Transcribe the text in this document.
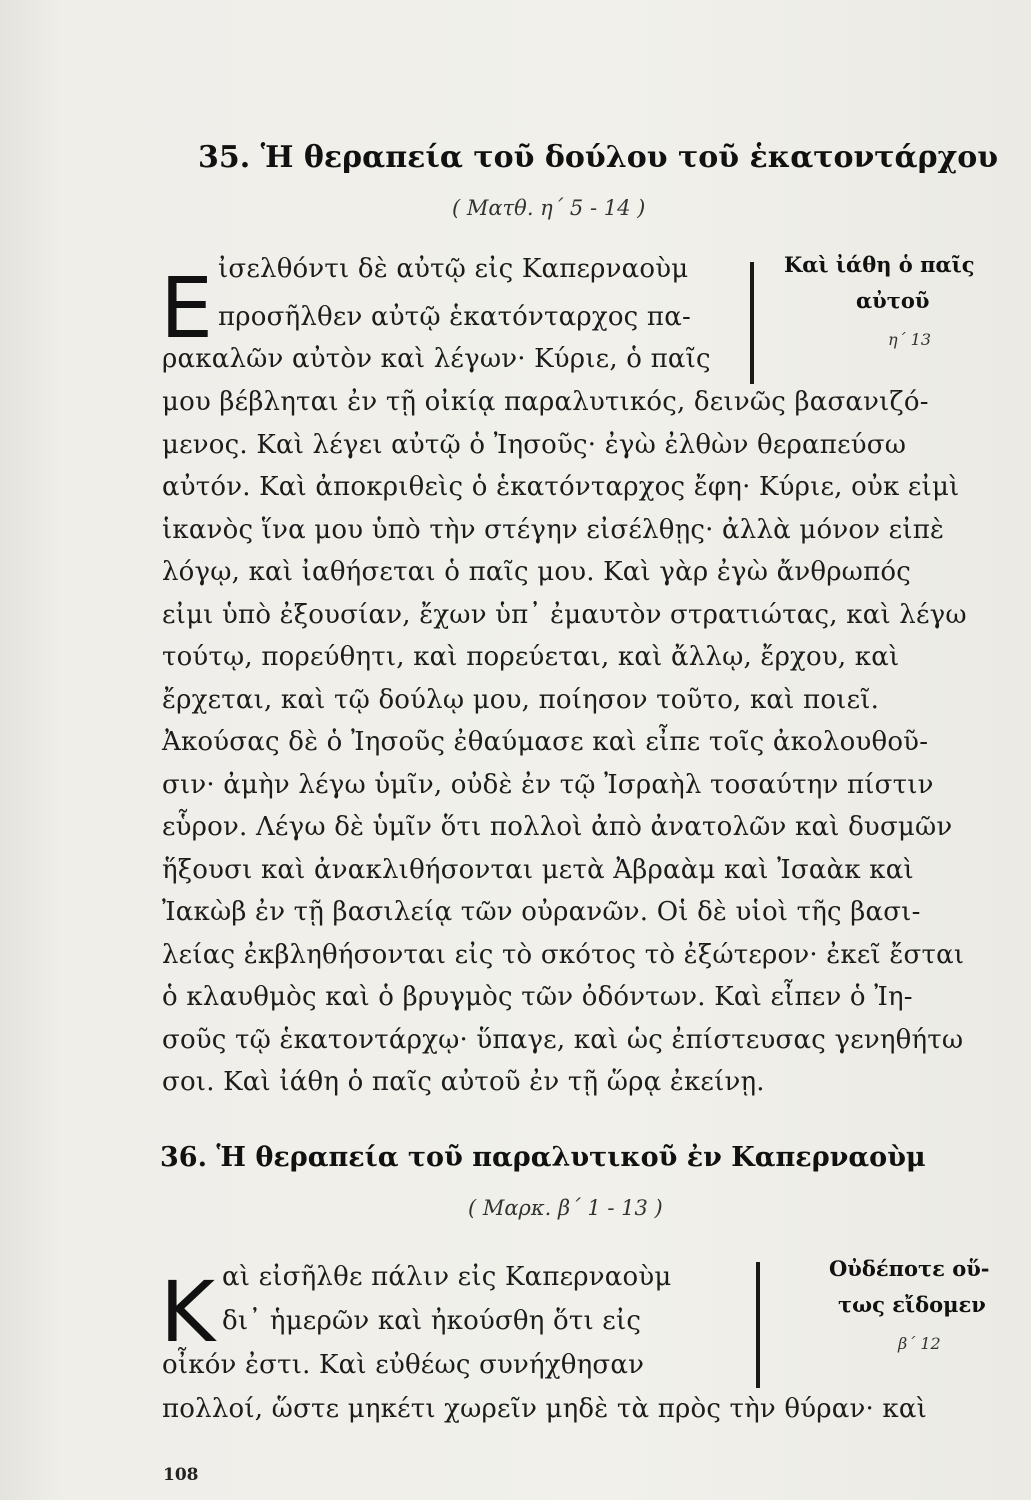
35. Ἡ θεραπεία τοῦ δούλου τοῦ ἑκατοντάρχου
( Ματθ. η΄ 5 - 14 )
Ε ἰσελθόντι δὲ αὐτῷ εἰς Καπερναοὺμ
προσῆλθεν αὐτῷ ἑκατόνταρχος πα-
ρακαλῶν αὐτὸν καὶ λέγων· Κύριε, ὁ παῖς
μου βέβληται ἐν τῇ οἰκίᾳ παραλυτικός, δεινῶς βασανιζό-
μενος. Καὶ λέγει αὐτῷ ὁ Ἰησοῦς· ἐγὼ ἐλθὼν θεραπεύσω
αὐτόν. Καὶ ἀποκριθεὶς ὁ ἑκατόνταρχος ἔφη· Κύριε, οὐκ εἰμὶ
ἱκανὸς ἵνα μου ὑπὸ τὴν στέγην εἰσέλθῃς· ἀλλὰ μόνον εἰπὲ
λόγῳ, καὶ ἰαθήσεται ὁ παῖς μου. Καὶ γὰρ ἐγὼ ἄνθρωπός
εἰμι ὑπὸ ἐξουσίαν, ἔχων ὑπ᾽ ἐμαυτὸν στρατιώτας, καὶ λέγω
τούτῳ, πορεύθητι, καὶ πορεύεται, καὶ ἄλλῳ, ἔρχου, καὶ
ἔρχεται, καὶ τῷ δούλῳ μου, ποίησον τοῦτο, καὶ ποιεῖ.
Ἀκούσας δὲ ὁ Ἰησοῦς ἐθαύμασε καὶ εἶπε τοῖς ἀκολουθοῦ-
σιν· ἀμὴν λέγω ὑμῖν, οὐδὲ ἐν τῷ Ἰσραὴλ τοσαύτην πίστιν
εὗρον. Λέγω δὲ ὑμῖν ὅτι πολλοὶ ἀπὸ ἀνατολῶν καὶ δυσμῶν
ἥξουσι καὶ ἀνακλιθήσονται μετὰ Ἀβραὰμ καὶ Ἰσαὰκ καὶ
Ἰακὼβ ἐν τῇ βασιλείᾳ τῶν οὐρανῶν. Οἱ δὲ υἱοὶ τῆς βασι-
λείας ἐκβληθήσονται εἰς τὸ σκότος τὸ ἐξώτερον· ἐκεῖ ἔσται
ὁ κλαυθμὸς καὶ ὁ βρυγμὸς τῶν ὀδόντων. Καὶ εἶπεν ὁ Ἰη-
σοῦς τῷ ἑκατοντάρχῳ· ὕπαγε, καὶ ὡς ἐπίστευσας γενηθήτω
σοι. Καὶ ἰάθη ὁ παῖς αὐτοῦ ἐν τῇ ὥρᾳ ἐκείνῃ.
Καὶ ἰάθη ὁ παῖς
αὐτοῦ
η΄ 13
36. Ἡ θεραπεία τοῦ παραλυτικοῦ ἐν Καπερναοὺμ
( Μαρκ. β΄ 1 - 13 )
Κ αὶ εἰσῆλθε πάλιν εἰς Καπερναοὺμ
δι᾽ ἡμερῶν καὶ ἠκούσθη ὅτι εἰς
οἶκόν ἐστι. Καὶ εὐθέως συνήχθησαν
πολλοί, ὥστε μηκέτι χωρεῖν μηδὲ τὰ πρὸς τὴν θύραν· καὶ
Οὐδέποτε οὕ-
τως εἴδομεν
β΄ 12
108
